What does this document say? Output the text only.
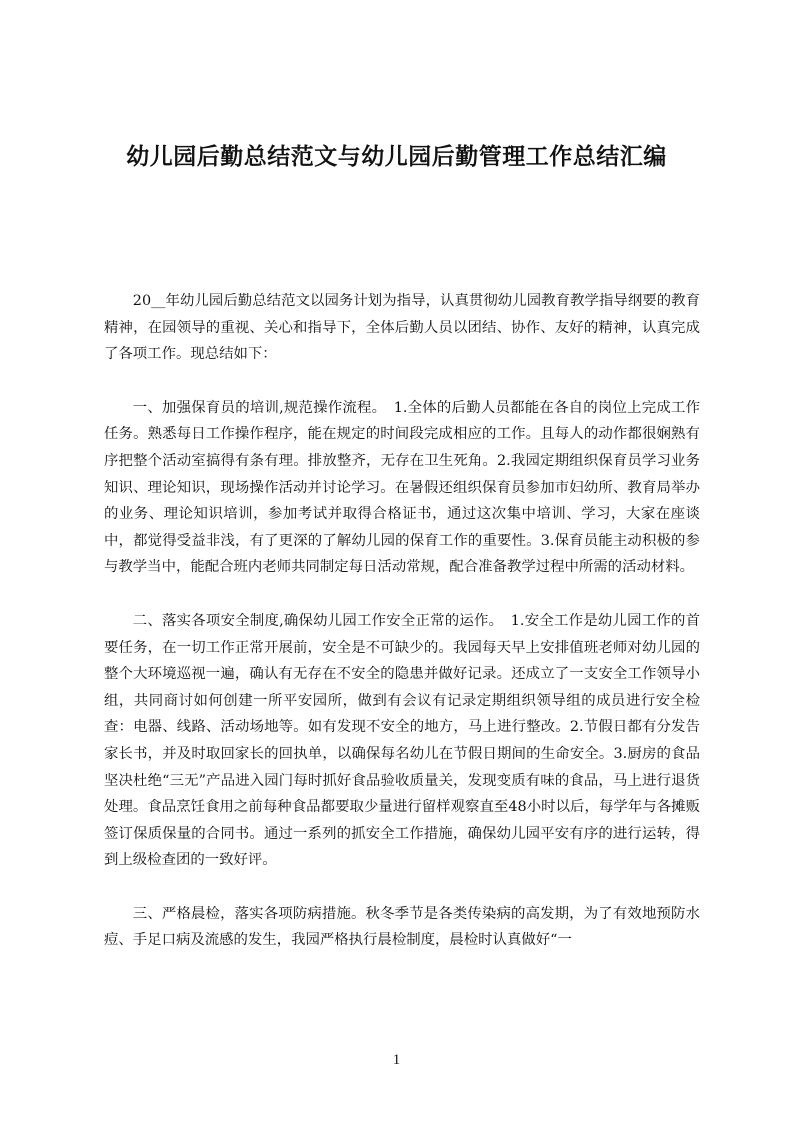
幼儿园后勤总结范文与幼儿园后勤管理工作总结汇编

20__年幼儿园后勤总结范文以园务计划为指导，认真贯彻幼儿园教育教学指导纲要的教育精神，在园领导的重视、关心和指导下，全体后勤人员以团结、协作、友好的精神，认真完成了各项工作。现总结如下：

一、加强保育员的培训,规范操作流程。　1.全体的后勤人员都能在各自的岗位上完成工作任务。熟悉每日工作操作程序，能在规定的时间段完成相应的工作。且每人的动作都很娴熟有序把整个活动室搞得有条有理。排放整齐，无存在卫生死角。2.我园定期组织保育员学习业务知识、理论知识，现场操作活动并讨论学习。在暑假还组织保育员参加市妇幼所、教育局举办的业务、理论知识培训，参加考试并取得合格证书，通过这次集中培训、学习，大家在座谈中，都觉得受益非浅，有了更深的了解幼儿园的保育工作的重要性。3.保育员能主动积极的参与教学当中，能配合班内老师共同制定每日活动常规，配合准备教学过程中所需的活动材料。

二、落实各项安全制度,确保幼儿园工作安全正常的运作。　1.安全工作是幼儿园工作的首要任务，在一切工作正常开展前，安全是不可缺少的。我园每天早上安排值班老师对幼儿园的整个大环境巡视一遍，确认有无存在不安全的隐患并做好记录。还成立了一支安全工作领导小组，共同商讨如何创建一所平安园所，做到有会议有记录定期组织领导组的成员进行安全检查：电器、线路、活动场地等。如有发现不安全的地方，马上进行整改。2.节假日都有分发告家长书，并及时取回家长的回执单，以确保每名幼儿在节假日期间的生命安全。3.厨房的食品坚决杜绝“三无”产品进入园门每时抓好食品验收质量关，发现变质有味的食品，马上进行退货处理。食品烹饪食用之前每种食品都要取少量进行留样观察直至48小时以后，每学年与各摊贩签订保质保量的合同书。通过一系列的抓安全工作措施，确保幼儿园平安有序的进行运转，得到上级检查团的一致好评。

三、严格晨检，落实各项防病措施。秋冬季节是各类传染病的高发期，为了有效地预防水痘、手足口病及流感的发生，我园严格执行晨检制度，晨检时认真做好“一

1
